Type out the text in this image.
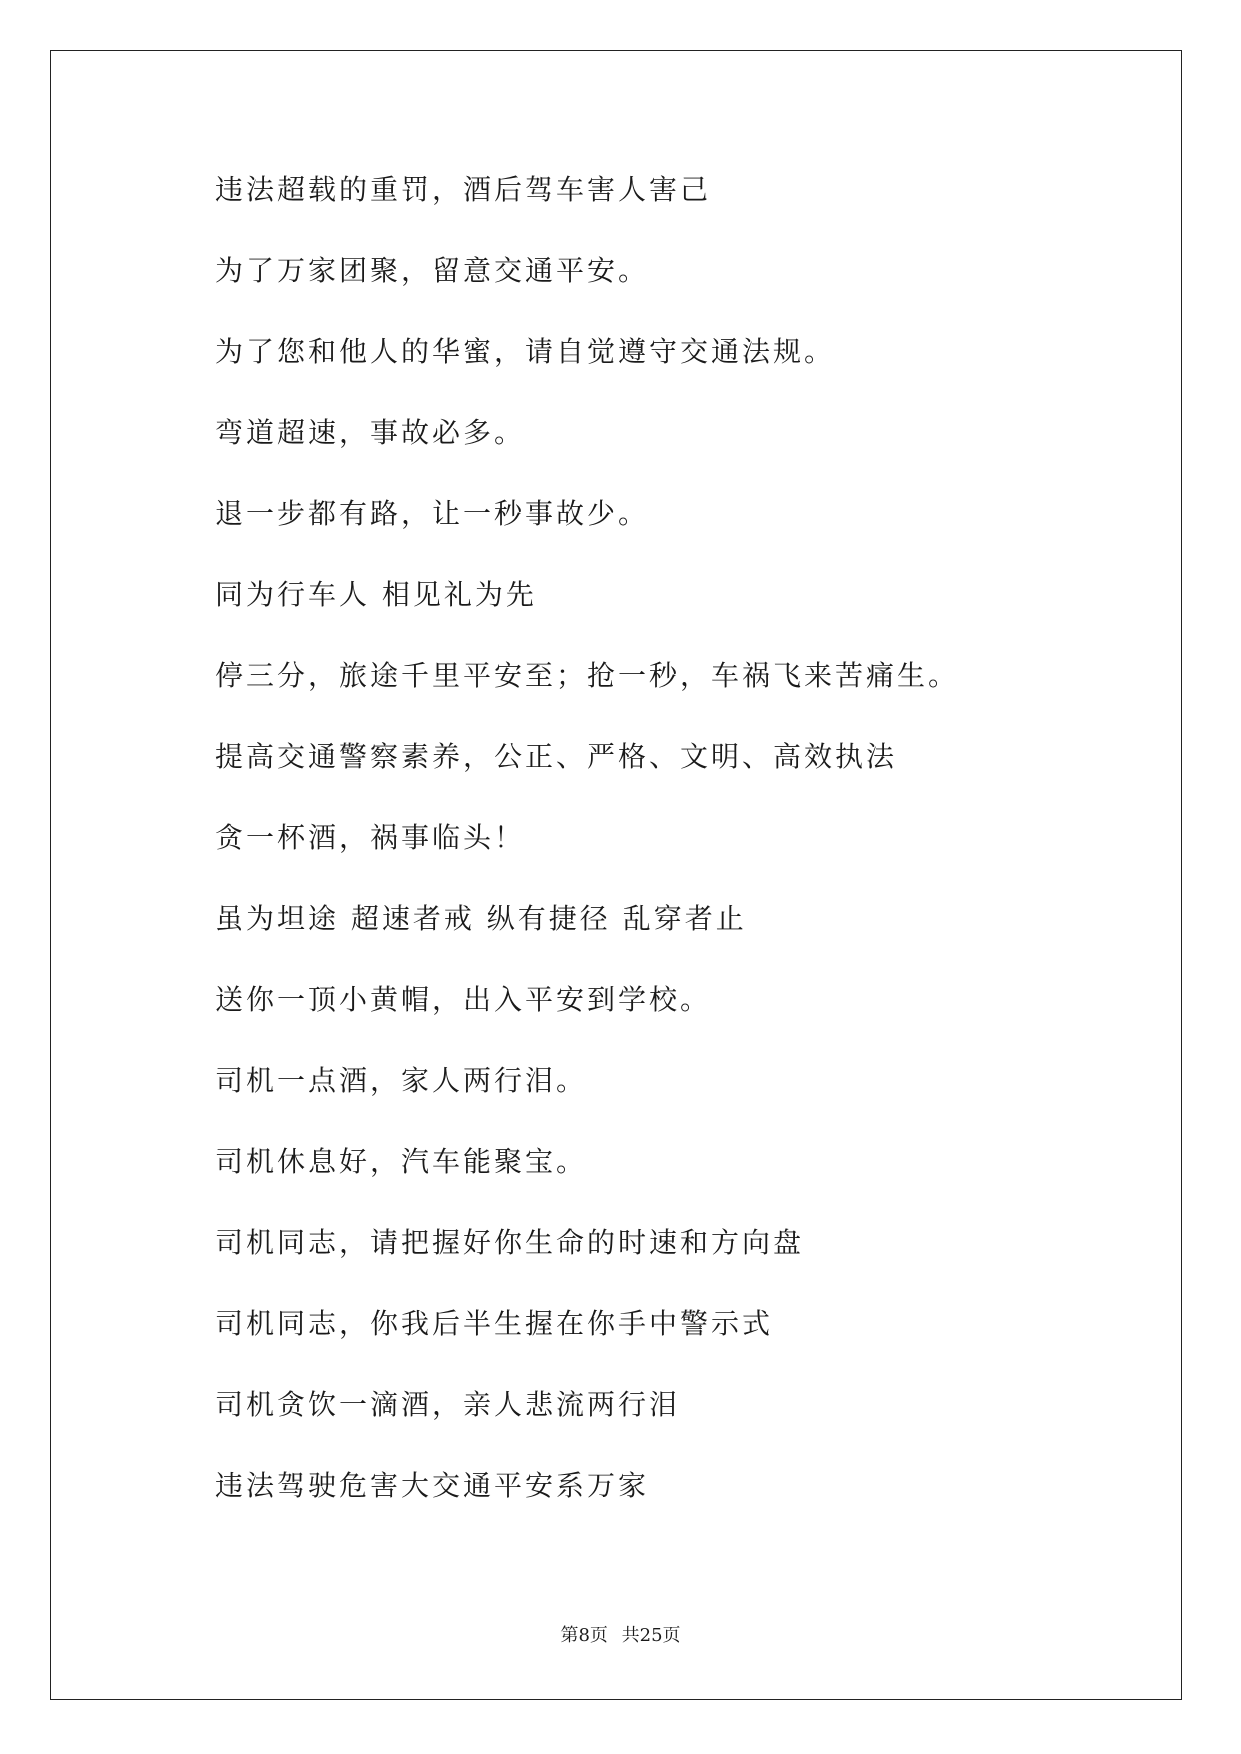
违法超载的重罚，酒后驾车害人害己
为了万家团聚，留意交通平安。
为了您和他人的华蜜，请自觉遵守交通法规。
弯道超速，事故必多。
退一步都有路，让一秒事故少。
同为行车人 相见礼为先
停三分，旅途千里平安至；抢一秒，车祸飞来苦痛生。
提高交通警察素养，公正、严格、文明、高效执法
贪一杯酒，祸事临头！
虽为坦途 超速者戒 纵有捷径 乱穿者止
送你一顶小黄帽，出入平安到学校。
司机一点酒，家人两行泪。
司机休息好，汽车能聚宝。
司机同志，请把握好你生命的时速和方向盘
司机同志，你我后半生握在你手中警示式
司机贪饮一滴酒，亲人悲流两行泪
违法驾驶危害大交通平安系万家
第8页 共25页
